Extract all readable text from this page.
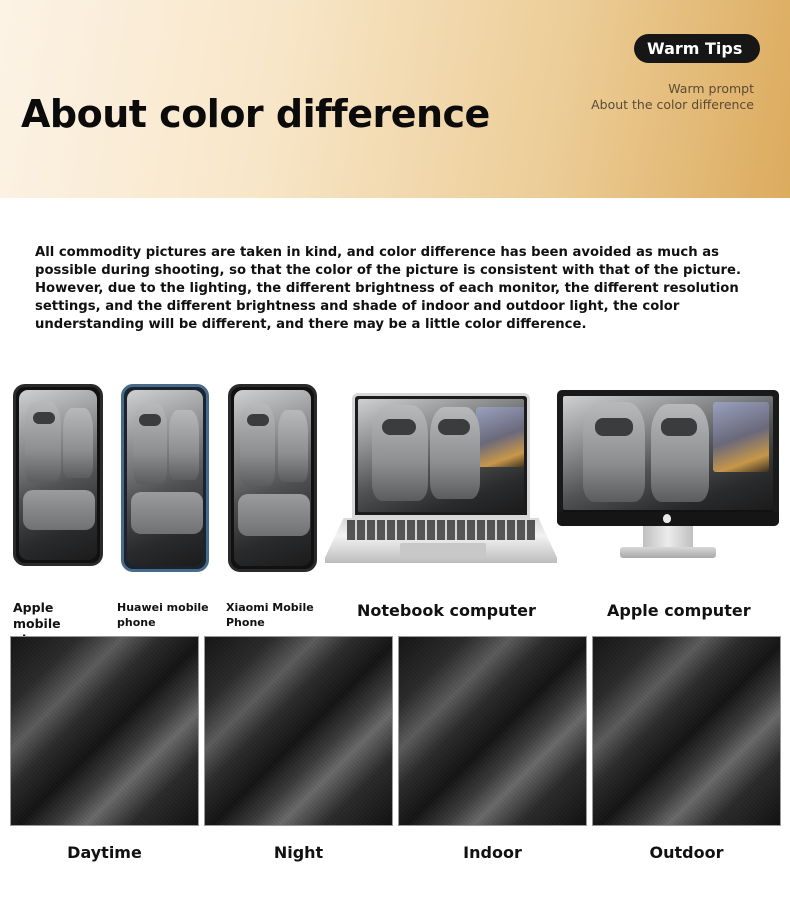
About color difference
Warm Tips
Warm prompt
About the color difference

All commodity pictures are taken in kind, and color difference has been avoided as much as possible during shooting, so that the color of the picture is consistent with that of the picture. However, due to the lighting, the different brightness of each monitor, the different resolution settings, and the different brightness and shade of indoor and outdoor light, the color understanding will be different, and there may be a little color difference.

Apple mobile
Huawei mobile phone
Xiaomi Mobile Phone
Notebook computer	Apple computer
Daytime	Night	Indoor	Outdoor
